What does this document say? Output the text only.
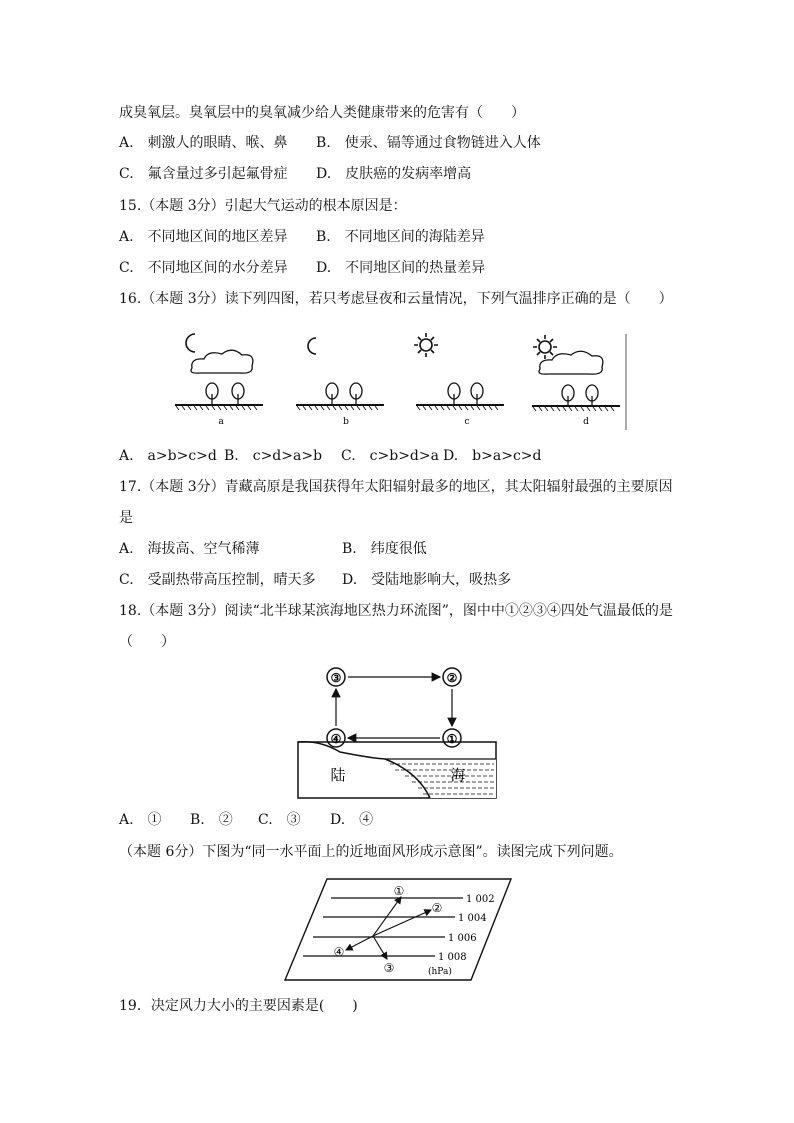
成臭氧层。臭氧层中的臭氧减少给人类健康带来的危害有（　　）
A.　刺激人的眼睛、喉、鼻 B.　使汞、镉等通过食物链进入人体
C.　氟含量过多引起氟骨症 D.　皮肤癌的发病率增高
15.（本题 3分）引起大气运动的根本原因是：
A.　不同地区间的地区差异 B.　不同地区间的海陆差异
C.　不同地区间的水分差异 D.　不同地区间的热量差异
16.（本题 3分）读下列四图，若只考虑昼夜和云量情况，下列气温排序正确的是（　　）
a	b	c	d
A.　a>b>c>d B.　c>d>a>b C.　c>b>d>a D.　b>a>c>d
17.（本题 3分）青藏高原是我国获得年太阳辐射最多的地区，其太阳辐射最强的主要原因
是
A.　海拔高、空气稀薄	B.　纬度很低
C.　受副热带高压控制，晴天多 D.　受陆地影响大，吸热多
18.（本题 3分）阅读“北半球某滨海地区热力环流图”，图中中①②③④四处气温最低的是
（　　）
③	②
①
④
陆	海
A.　① B.　② C.　③ D.　④
（本题 6分）下图为“同一水平面上的近地面风形成示意图”。读图完成下列问题。
1 002
1 004
1 006
1 008
(hPa)
①
②
③
④
19．决定风力大小的主要因素是(　　)
